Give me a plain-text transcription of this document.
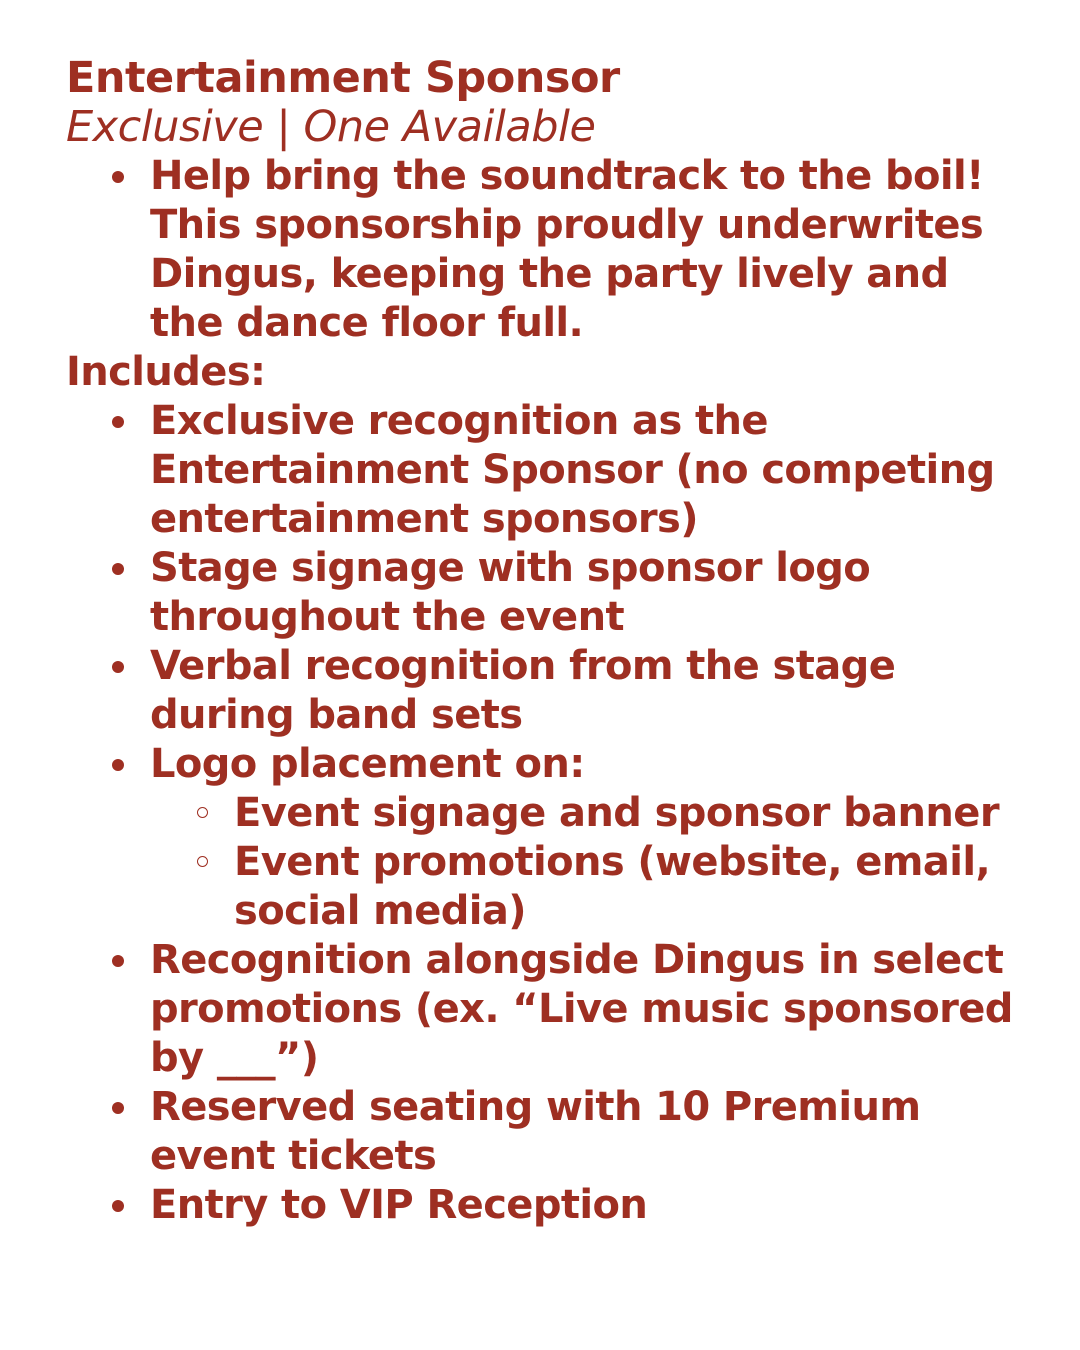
Entertainment Sponsor

Exclusive | One Available

Help bring the soundtrack to the boil! This sponsorship proudly underwrites Dingus, keeping the party lively and the dance floor full.

Includes:

Exclusive recognition as the Entertainment Sponsor (no competing entertainment sponsors)
Stage signage with sponsor logo throughout the event
Verbal recognition from the stage during band sets
Logo placement on:
Event signage and sponsor banner
Event promotions (website, email, social media)
Recognition alongside Dingus in select promotions (ex. “Live music sponsored by ___”)
Reserved seating with 10 Premium event tickets
Entry to VIP Reception
